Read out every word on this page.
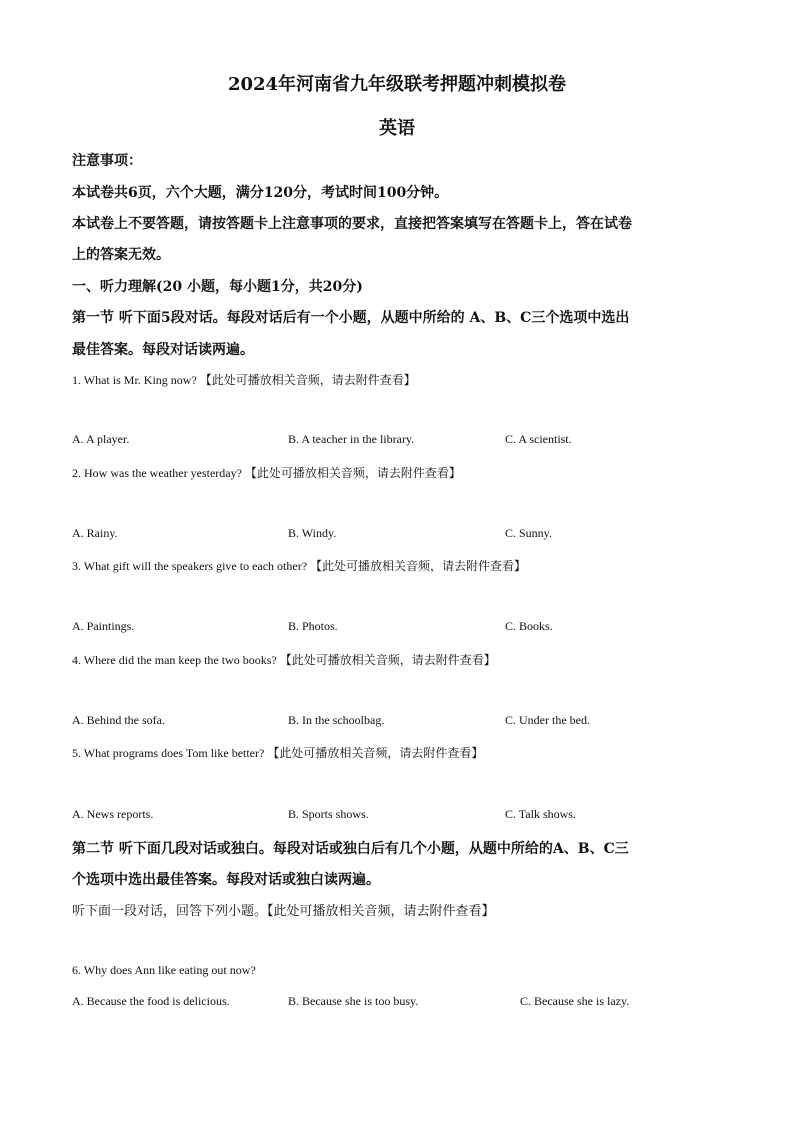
2024年河南省九年级联考押题冲刺模拟卷
英语

注意事项：

本试卷共6页，六个大题，满分120分，考试时间100分钟。

本试卷上不要答题，请按答题卡上注意事项的要求，直接把答案填写在答题卡上，答在试卷

上的答案无效。

一、听力理解(20 小题，每小题1分，共20分)

第一节 听下面5段对话。每段对话后有一个小题，从题中所给的 A、B、C三个选项中选出

最佳答案。每段对话读两遍。

1. What is Mr. King now? 【此处可播放相关音频，请去附件查看】

A. A player.	B. A teacher in the library.	C. A scientist.

2. How was the weather yesterday? 【此处可播放相关音频，请去附件查看】

A. Rainy.	B. Windy.	C. Sunny.

3. What gift will the speakers give to each other? 【此处可播放相关音频，请去附件查看】

A. Paintings.	B. Photos.	C. Books.

4. Where did the man keep the two books? 【此处可播放相关音频，请去附件查看】

A. Behind the sofa.	B. In the schoolbag.	C. Under the bed.

5. What programs does Tom like better? 【此处可播放相关音频，请去附件查看】

A. News reports.	B. Sports shows.	C. Talk shows.

第二节 听下面几段对话或独白。每段对话或独白后有几个小题，从题中所给的A、B、C三

个选项中选出最佳答案。每段对话或独白读两遍。

听下面一段对话，回答下列小题。【此处可播放相关音频，请去附件查看】

6. Why does Ann like eating out now?

A. Because the food is delicious.	B. Because she is too busy.	C. Because she is lazy.
